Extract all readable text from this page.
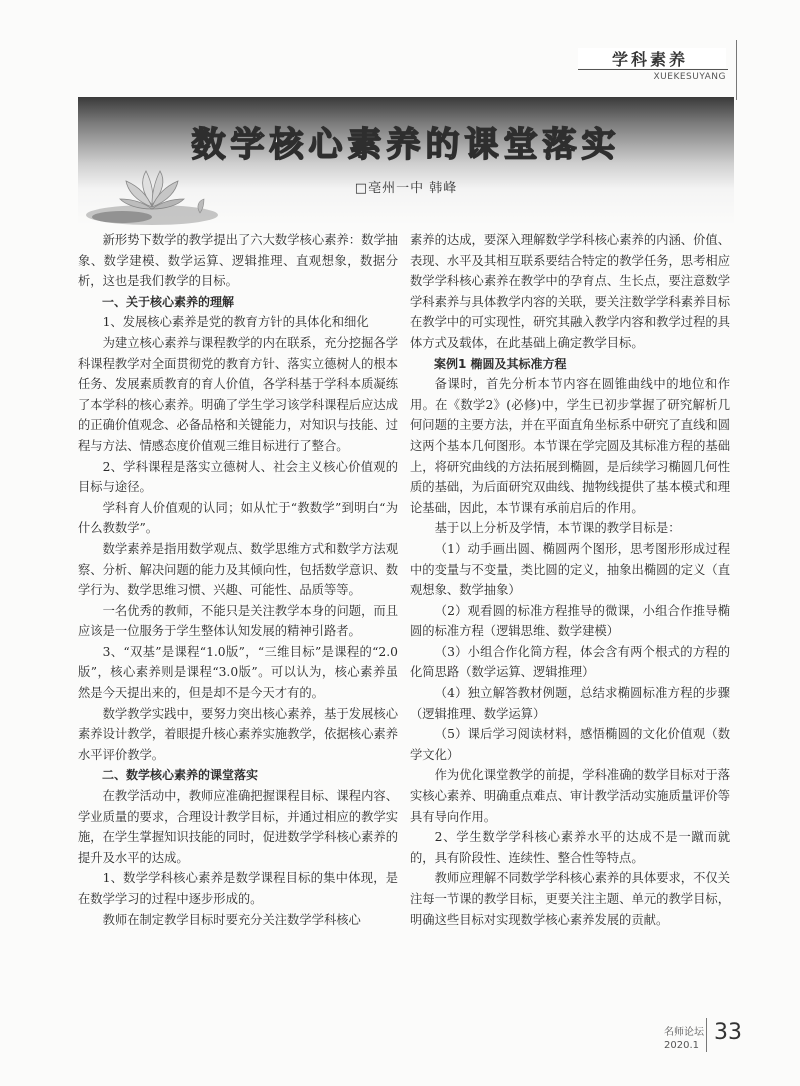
学科素养
XUEKESUYANG
数学核心素养的课堂落实
□亳州一中 韩峰

新形势下数学的教学提出了六大数学核心素养：数学抽象、数学建模、数学运算、逻辑推理、直观想象，数据分析，这也是我们教学的目标。

一、关于核心素养的理解

1、发展核心素养是党的教育方针的具体化和细化

为建立核心素养与课程教学的内在联系，充分挖掘各学科课程教学对全面贯彻党的教育方针、落实立德树人的根本任务、发展素质教育的育人价值，各学科基于学科本质凝练了本学科的核心素养。明确了学生学习该学科课程后应达成的正确价值观念、必备品格和关键能力，对知识与技能、过程与方法、情感态度价值观三维目标进行了整合。

2、学科课程是落实立德树人、社会主义核心价值观的目标与途径。

学科育人价值观的认同；如从忙于“教数学”到明白“为什么教数学”。

数学素养是指用数学观点、数学思维方式和数学方法观察、分析、解决问题的能力及其倾向性，包括数学意识、数学行为、数学思维习惯、兴趣、可能性、品质等等。

一名优秀的教师，不能只是关注教学本身的问题，而且应该是一位服务于学生整体认知发展的精神引路者。

3、“双基”是课程“1.0版”，“三维目标”是课程的“2.0版”，核心素养则是课程“3.0版”。可以认为，核心素养虽然是今天提出来的，但是却不是今天才有的。

数学教学实践中，要努力突出核心素养，基于发展核心素养设计教学，着眼提升核心素养实施教学，依据核心素养水平评价教学。

二、数学核心素养的课堂落实

在教学活动中，教师应准确把握课程目标、课程内容、学业质量的要求，合理设计教学目标，并通过相应的教学实施，在学生掌握知识技能的同时，促进数学学科核心素养的提升及水平的达成。

1、数学学科核心素养是数学课程目标的集中体现，是在数学学习的过程中逐步形成的。

教师在制定教学目标时要充分关注数学学科核心

素养的达成，要深入理解数学学科核心素养的内涵、价值、表现、水平及其相互联系要结合特定的教学任务，思考相应数学学科核心素养在教学中的孕育点、生长点，要注意数学学科素养与具体教学内容的关联，要关注数学学科素养目标在教学中的可实现性，研究其融入教学内容和教学过程的具体方式及载体，在此基础上确定教学目标。

案例1 椭圆及其标准方程

备课时，首先分析本节内容在圆锥曲线中的地位和作用。在《数学2》(必修)中，学生已初步掌握了研究解析几何问题的主要方法，并在平面直角坐标系中研究了直线和圆这两个基本几何图形。本节课在学完圆及其标准方程的基础上，将研究曲线的方法拓展到椭圆，是后续学习椭圆几何性质的基础，为后面研究双曲线、抛物线提供了基本模式和理论基础，因此，本节课有承前启后的作用。

基于以上分析及学情，本节课的教学目标是：

（1）动手画出圆、椭圆两个图形，思考图形形成过程中的变量与不变量，类比圆的定义，抽象出椭圆的定义（直观想象、数学抽象）

（2）观看圆的标准方程推导的微课，小组合作推导椭圆的标准方程（逻辑思维、数学建模）

（3）小组合作化简方程，体会含有两个根式的方程的化简思路（数学运算、逻辑推理）

（4）独立解答教材例题，总结求椭圆标准方程的步骤（逻辑推理、数学运算）

（5）课后学习阅读材料，感悟椭圆的文化价值观（数学文化）

作为优化课堂教学的前提，学科准确的数学目标对于落实核心素养、明确重点难点、审计教学活动实施质量评价等具有导向作用。

2、学生数学学科核心素养水平的达成不是一蹴而就的，具有阶段性、连续性、整合性等特点。

教师应理解不同数学学科核心素养的具体要求，不仅关注每一节课的教学目标，更要关注主题、单元的教学目标，明确这些目标对实现数学核心素养发展的贡献。

名师论坛
2020.1
33
